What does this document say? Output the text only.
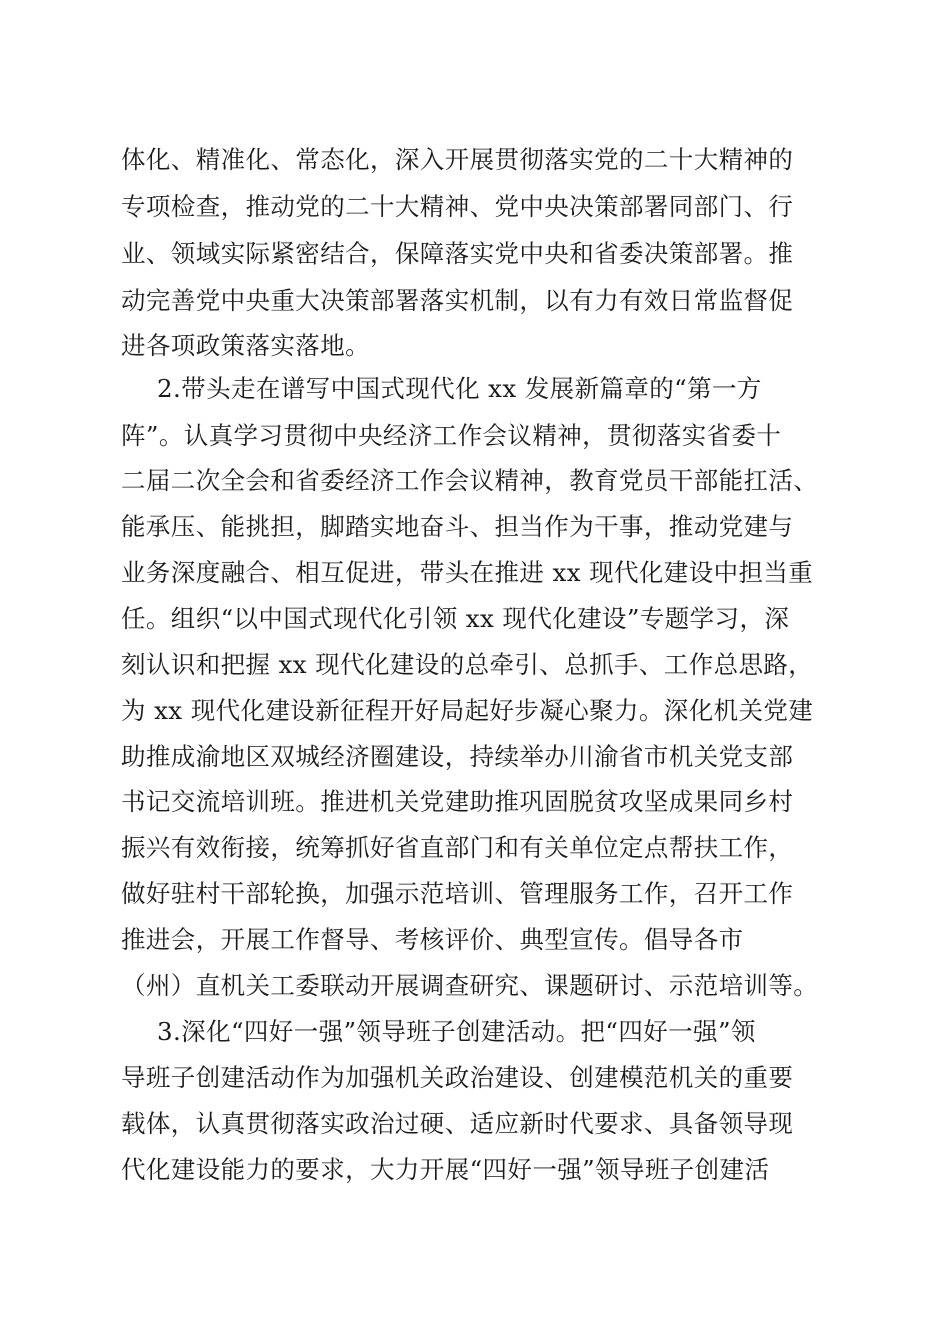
体化、精准化、常态化，深入开展贯彻落实党的二十大精神的
专项检查，推动党的二十大精神、党中央决策部署同部门、行
业、领域实际紧密结合，保障落实党中央和省委决策部署。推
动完善党中央重大决策部署落实机制，以有力有效日常监督促
进各项政策落实落地。
2.带头走在谱写中国式现代化 xx 发展新篇章的“第一方
阵”。认真学习贯彻中央经济工作会议精神，贯彻落实省委十
二届二次全会和省委经济工作会议精神，教育党员干部能扛活、
能承压、能挑担，脚踏实地奋斗、担当作为干事，推动党建与
业务深度融合、相互促进，带头在推进 xx 现代化建设中担当重
任。组织“以中国式现代化引领 xx 现代化建设”专题学习，深
刻认识和把握 xx 现代化建设的总牵引、总抓手、工作总思路，
为 xx 现代化建设新征程开好局起好步凝心聚力。深化机关党建
助推成渝地区双城经济圈建设，持续举办川渝省市机关党支部
书记交流培训班。推进机关党建助推巩固脱贫攻坚成果同乡村
振兴有效衔接，统筹抓好省直部门和有关单位定点帮扶工作，
做好驻村干部轮换，加强示范培训、管理服务工作，召开工作
推进会，开展工作督导、考核评价、典型宣传。倡导各市
（州）直机关工委联动开展调查研究、课题研讨、示范培训等。
3.深化“四好一强”领导班子创建活动。把“四好一强”领
导班子创建活动作为加强机关政治建设、创建模范机关的重要
载体，认真贯彻落实政治过硬、适应新时代要求、具备领导现
代化建设能力的要求，大力开展“四好一强”领导班子创建活
